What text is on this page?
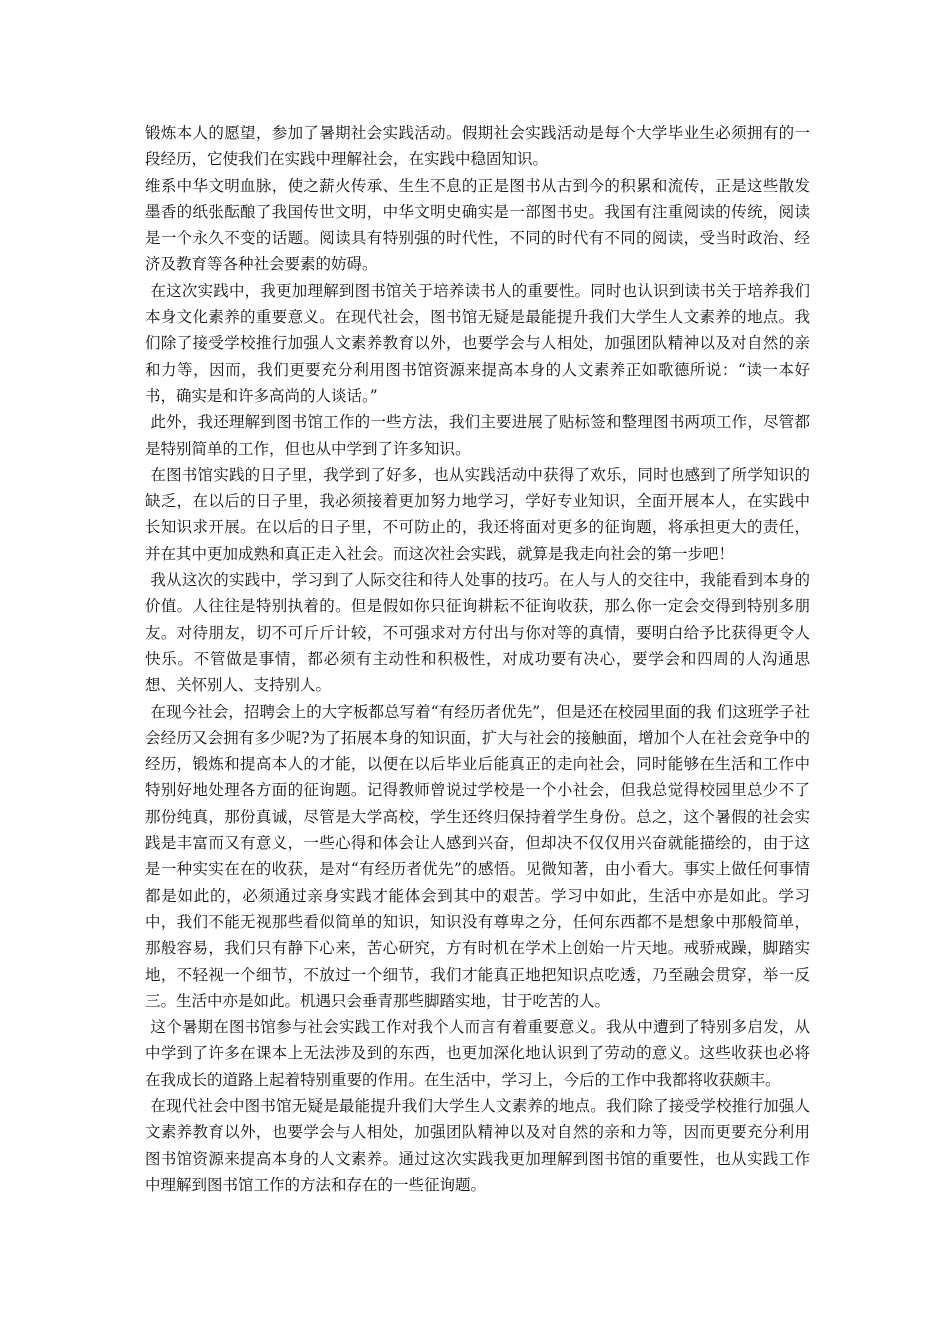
锻炼本人的愿望，参加了暑期社会实践活动。假期社会实践活动是每个大学毕业生必须拥有的一段经历，它使我们在实践中理解社会，在实践中稳固知识。

维系中华文明血脉，使之薪火传承、生生不息的正是图书从古到今的积累和流传，正是这些散发墨香的纸张酝酿了我国传世文明，中华文明史确实是一部图书史。我国有注重阅读的传统，阅读是一个永久不变的话题。阅读具有特别强的时代性，不同的时代有不同的阅读，受当时政治、经济及教育等各种社会要素的妨碍。

在这次实践中，我更加理解到图书馆关于培养读书人的重要性。同时也认识到读书关于培养我们本身文化素养的重要意义。在现代社会，图书馆无疑是最能提升我们大学生人文素养的地点。我们除了接受学校推行加强人文素养教育以外，也要学会与人相处，加强团队精神以及对自然的亲和力等，因而，我们更要充分利用图书馆资源来提高本身的人文素养正如歌德所说：“读一本好书，确实是和许多高尚的人谈话。”

此外，我还理解到图书馆工作的一些方法，我们主要进展了贴标签和整理图书两项工作，尽管都是特别简单的工作，但也从中学到了许多知识。

在图书馆实践的日子里，我学到了好多，也从实践活动中获得了欢乐，同时也感到了所学知识的缺乏，在以后的日子里，我必须接着更加努力地学习，学好专业知识，全面开展本人，在实践中长知识求开展。在以后的日子里，不可防止的，我还将面对更多的征询题，将承担更大的责任，并在其中更加成熟和真正走入社会。而这次社会实践，就算是我走向社会的第一步吧！

我从这次的实践中，学习到了人际交往和待人处事的技巧。在人与人的交往中，我能看到本身的价值。人往往是特别执着的。但是假如你只征询耕耘不征询收获，那么你一定会交得到特别多朋友。对待朋友，切不可斤斤计较，不可强求对方付出与你对等的真情，要明白给予比获得更令人快乐。不管做是事情，都必须有主动性和积极性，对成功要有决心，要学会和四周的人沟通思想、关怀别人、支持别人。

在现今社会，招聘会上的大字板都总写着“有经历者优先”，但是还在校园里面的我 们这班学子社会经历又会拥有多少呢?为了拓展本身的知识面，扩大与社会的接触面，增加个人在社会竞争中的经历，锻炼和提高本人的才能，以便在以后毕业后能真正的走向社会，同时能够在生活和工作中特别好地处理各方面的征询题。记得教师曾说过学校是一个小社会，但我总觉得校园里总少不了那份纯真，那份真诚，尽管是大学高校，学生还终归保持着学生身份。总之，这个暑假的社会实践是丰富而又有意义，一些心得和体会让人感到兴奋，但却决不仅仅用兴奋就能描绘的，由于这是一种实实在在的收获，是对“有经历者优先”的感悟。见微知著，由小看大。事实上做任何事情都是如此的，必须通过亲身实践才能体会到其中的艰苦。学习中如此，生活中亦是如此。学习中，我们不能无视那些看似简单的知识，知识没有尊卑之分，任何东西都不是想象中那般简单，那般容易，我们只有静下心来，苦心研究，方有时机在学术上创始一片天地。戒骄戒躁，脚踏实地，不轻视一个细节，不放过一个细节，我们才能真正地把知识点吃透，乃至融会贯穿，举一反三。生活中亦是如此。机遇只会垂青那些脚踏实地，甘于吃苦的人。

这个暑期在图书馆参与社会实践工作对我个人而言有着重要意义。我从中遭到了特别多启发，从中学到了许多在课本上无法涉及到的东西，也更加深化地认识到了劳动的意义。这些收获也必将在我成长的道路上起着特别重要的作用。在生活中，学习上，今后的工作中我都将收获颇丰。

在现代社会中图书馆无疑是最能提升我们大学生人文素养的地点。我们除了接受学校推行加强人文素养教育以外，也要学会与人相处，加强团队精神以及对自然的亲和力等，因而更要充分利用图书馆资源来提高本身的人文素养。通过这次实践我更加理解到图书馆的重要性，也从实践工作中理解到图书馆工作的方法和存在的一些征询题。
